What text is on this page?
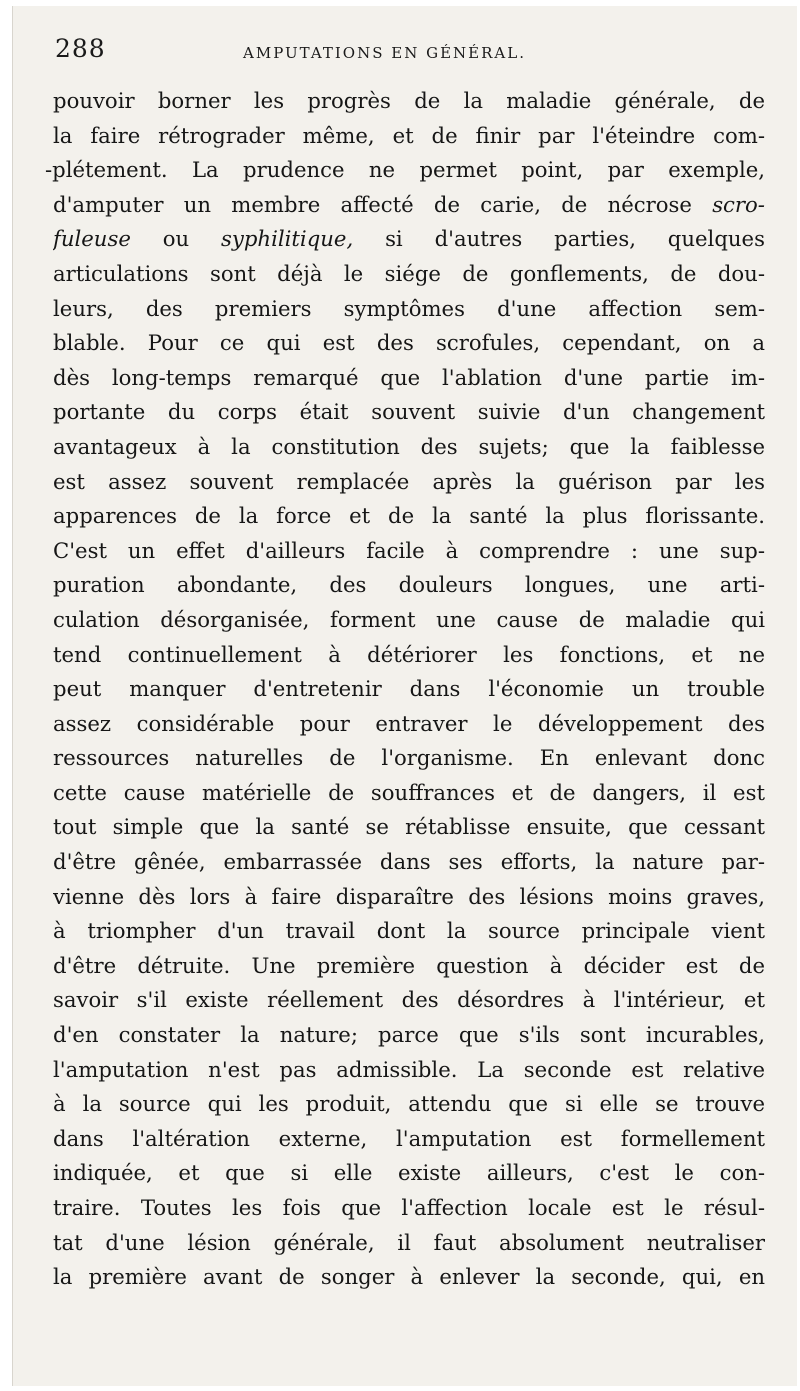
288	AMPUTATIONS EN GÉNÉRAL.
pouvoir borner les progrès de la maladie générale, de
la faire rétrograder même, et de finir par l'éteindre com-
-plétement. La prudence ne permet point, par exemple,
d'amputer un membre affecté de carie, de nécrose scro-
fuleuse ou syphilitique, si d'autres parties, quelques
articulations sont déjà le siége de gonflements, de dou-
leurs, des premiers symptômes d'une affection sem-
blable. Pour ce qui est des scrofules, cependant, on a
dès long-temps remarqué que l'ablation d'une partie im-
portante du corps était souvent suivie d'un changement
avantageux à la constitution des sujets; que la faiblesse
est assez souvent remplacée après la guérison par les
apparences de la force et de la santé la plus florissante.
C'est un effet d'ailleurs facile à comprendre : une sup-
puration abondante, des douleurs longues, une arti-
culation désorganisée, forment une cause de maladie qui
tend continuellement à détériorer les fonctions, et ne
peut manquer d'entretenir dans l'économie un trouble
assez considérable pour entraver le développement des
ressources naturelles de l'organisme. En enlevant donc
cette cause matérielle de souffrances et de dangers, il est
tout simple que la santé se rétablisse ensuite, que cessant
d'être gênée, embarrassée dans ses efforts, la nature par-
vienne dès lors à faire disparaître des lésions moins graves,
à triompher d'un travail dont la source principale vient
d'être détruite. Une première question à décider est de
savoir s'il existe réellement des désordres à l'intérieur, et
d'en constater la nature; parce que s'ils sont incurables,
l'amputation n'est pas admissible. La seconde est relative
à la source qui les produit, attendu que si elle se trouve
dans l'altération externe, l'amputation est formellement
indiquée, et que si elle existe ailleurs, c'est le con-
traire. Toutes les fois que l'affection locale est le résul-
tat d'une lésion générale, il faut absolument neutraliser
la première avant de songer à enlever la seconde, qui, en
